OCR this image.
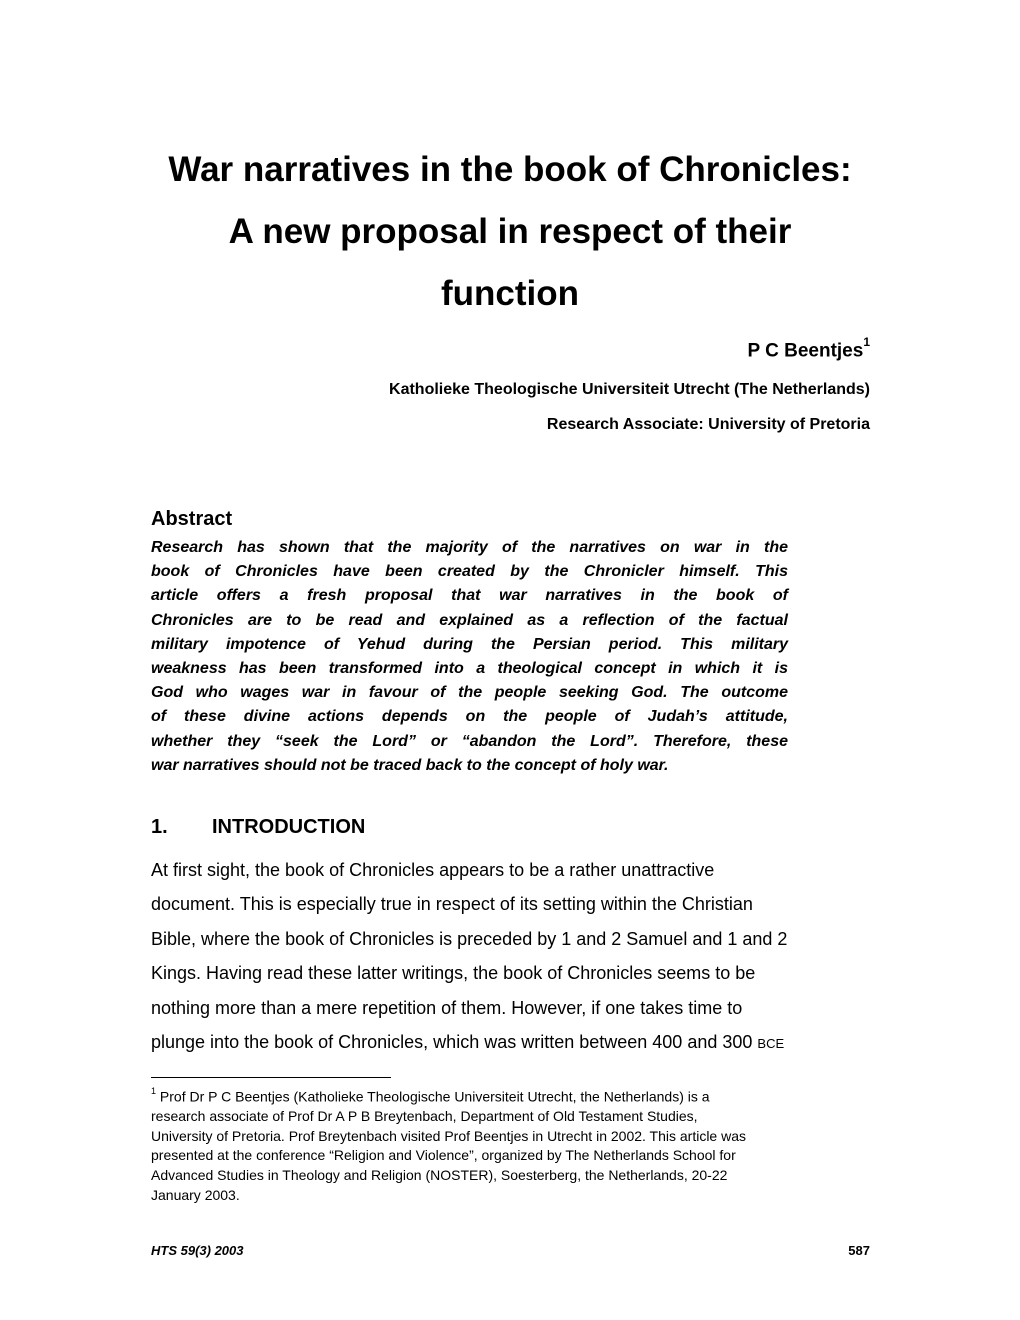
War narratives in the book of Chronicles:
A new proposal in respect of their
function
P C Beentjes$^1$
Katholieke Theologische Universiteit Utrecht (The Netherlands)
Research Associate: University of Pretoria
Abstract
Research has shown that the majority of the narratives on war in the
book of Chronicles have been created by the Chronicler himself. This
article offers a fresh proposal that war narratives in the book of
Chronicles are to be read and explained as a reflection of the factual
military impotence of Yehud during the Persian period. This military
weakness has been transformed into a theological concept in which it is
God who wages war in favour of the people seeking God. The outcome
of these divine actions depends on the people of Judah’s attitude,
whether they “seek the Lord” or “abandon the Lord”. Therefore, these
war narratives should not be traced back to the concept of holy war.
1. INTRODUCTION
At first sight, the book of Chronicles appears to be a rather unattractive
document. This is especially true in respect of its setting within the Christian
Bible, where the book of Chronicles is preceded by 1 and 2 Samuel and 1 and 2
Kings. Having read these latter writings, the book of Chronicles seems to be
nothing more than a mere repetition of them. However, if one takes time to
plunge into the book of Chronicles, which was written between 400 and 300 BCE
$^1$ Prof Dr P C Beentjes (Katholieke Theologische Universiteit Utrecht, the Netherlands) is a
research associate of Prof Dr A P B Breytenbach, Department of Old Testament Studies,
University of Pretoria. Prof Breytenbach visited Prof Beentjes in Utrecht in 2002. This article was
presented at the conference “Religion and Violence”, organized by The Netherlands School for
Advanced Studies in Theology and Religion (NOSTER), Soesterberg, the Netherlands, 20-22
January 2003.
HTS 59(3) 2003	587
